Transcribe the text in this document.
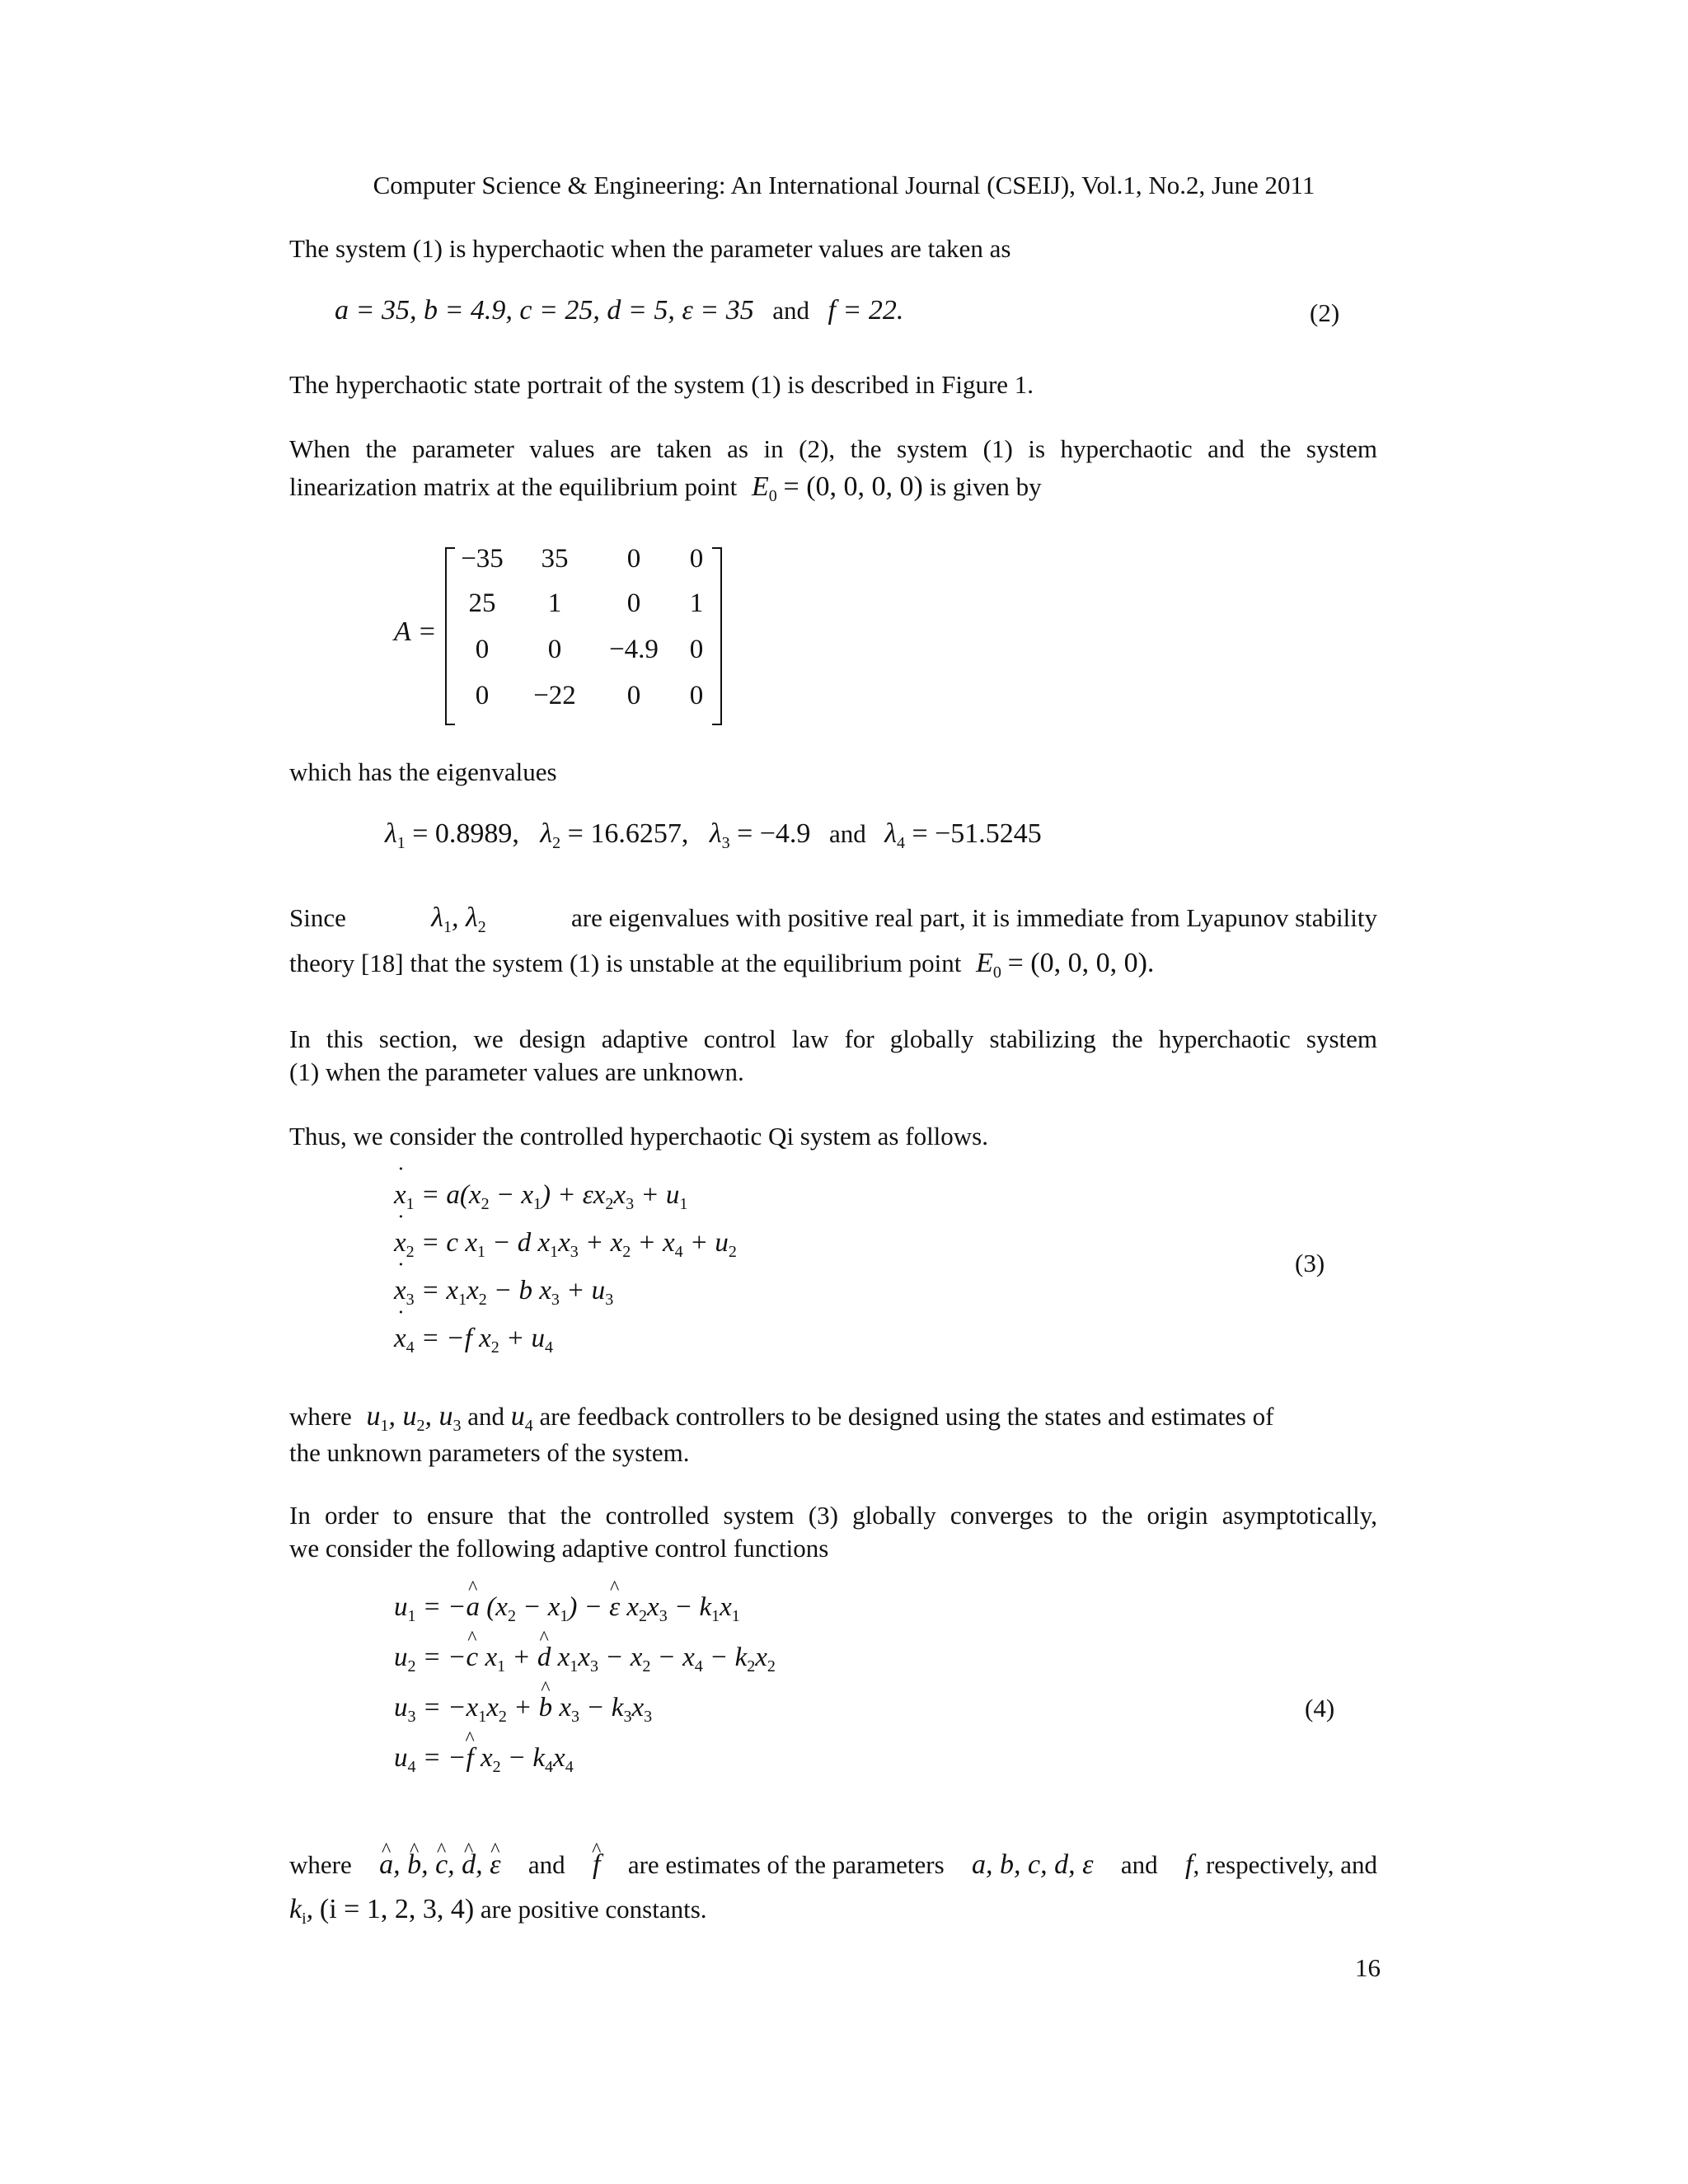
Computer Science & Engineering: An International Journal (CSEIJ), Vol.1, No.2, June 2011
The system (1) is hyperchaotic when the parameter values are taken as
a = 35, b = 4.9, c = 25, d = 5, ε = 35 and f = 22.	(2)
The hyperchaotic state portrait of the system (1) is described in Figure 1.
When the parameter values are taken as in (2), the system (1) is hyperchaotic and the system
linearization matrix at the equilibrium point $E_0 = (0$, 0, 0, 0) is given by
A =
−35	35	0	0
25	1	0	1
0	0	−4.9	0
0	−22	0	0
which has the eigenvalues
$\lambda_1 = 0.8989$, $\lambda_2 = 16.6257$, $\lambda_3 = -4.9$ and $\lambda_4 = -51.5245$
Since	$\lambda_1$, $\lambda_2$	are eigenvalues with positive real part, it is immediate from Lyapunov stability
theory [18] that the system (1) is unstable at the equilibrium point $E_0 = (0$, 0, 0, 0).
In this section, we design adaptive control law for globally stabilizing the hyperchaotic system
(1) when the parameter values are unknown.
Thus, we consider the controlled hyperchaotic Qi system as follows.
˙ $x_1 = a(x_2 - x_1) + \varepsilon x_2x_3 + u_1$
˙ $x_2 = c$ $x_1 - d$ $x_1x_3 + x_2 + x_4 + u_2$
˙ $x_3 = x_1x_2 - b$ $x_3 + u_3$
˙ $x_4 = -f$ $x_2 + u_4$
(3)
where $u_1$, $u_2$, $u_3$ and $u_4$ are feedback controllers to be designed using the states and estimates of
the unknown parameters of the system.
In order to ensure that the controlled system (3) globally converges to the origin asymptotically,
we consider the following adaptive control functions
$u_1$ = −^ a $(x_2 - x_1)$ − ^ ε $x_2x_3 - k_1x_1$
$u_2$ = −^ c $x_1$ + ^ d $x_1x_3 - x_2 - x_4 - k_2x_2$
$u_3 = -x_1x_2$ + ^ b $x_3 - k_3x_3$
$u_4$ = −^ f $x_2 - k_4x_4$
(4)
where ^ a, ^ b, ^ c, ^ d, ^ ε and ^ f are estimates of the parameters a, b, c, d, ε and f, respectively, and
$k_i$, (i = 1, 2, 3, 4) are positive constants.
16
